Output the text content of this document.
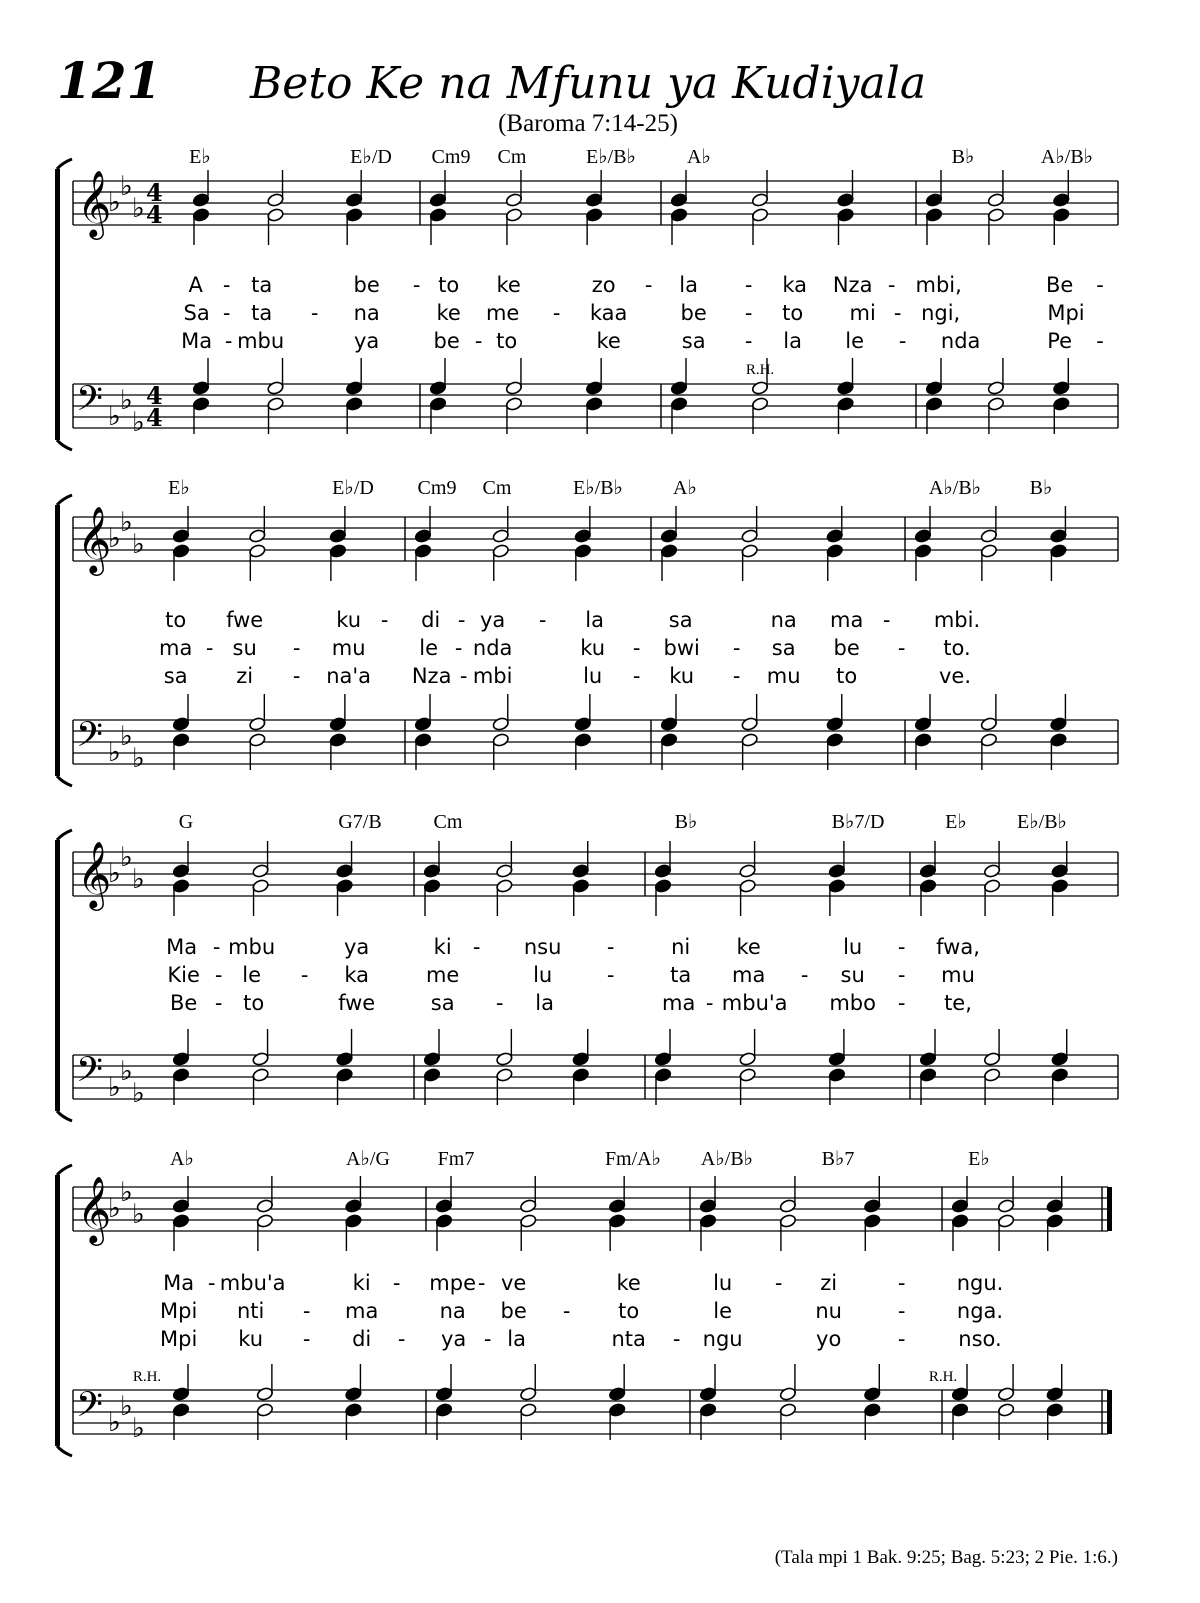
121 Beto Ke na Mfunu ya Kudiyala
(Baroma 7:14-25)
(Tala mpi 1 Bak. 9:25; Bag. 5:23; 2 Pie. 1:6.)
E♭	E♭/D Cm9 Cm	E♭/B♭	A♭	B♭	A♭/B♭
A - ta	be - to ke	zo - la - ka Nza - mbi,	Be -
Sa - ta - na	ke me - kaa	be - to mi - ngi,	Mpi
Ma - mbu	ya	be - to	ke	sa - la le - nda	Pe -
R.H.
E♭	E♭/D Cm9 Cm	E♭/B♭	A♭	A♭/B♭ B♭
to fwe	ku - di - ya - la	sa	na ma - mbi.
ma - su - mu	le - nda	ku - bwi - sa be - to.
sa zi - na'a Nza - mbi	lu - ku - mu to	ve.
G	G7/B	Cm	B♭	B♭7/D	E♭	E♭/B♭
Ma - mbu	ya	ki - nsu -	ni ke	lu - fwa,
Kie - le - ka	me	lu	-	ta ma - su - mu
Be - to	fwe	sa - la	ma - mbu'a mbo - te,
A♭	A♭/G Fm7	Fm/A♭ A♭/B♭	B♭7	E♭
Ma - mbu'a	ki - mpe - ve	ke	lu - zi	- ngu.
Mpi nti - ma	na be - to	le	nu	- nga.
Mpi ku - di - ya - la	nta - ngu	yo	-	nso.
R.H.	R.H.
𝄞
♭
♭
♭
4
4
𝄢 ♭
♭
♭
4
4
𝄞
♭
♭
♭
𝄢 ♭
♭
♭
𝄞
♭
♭
♭
𝄢 ♭
♭
♭
𝄞
♭
♭
♭
𝄢 ♭
♭
♭
